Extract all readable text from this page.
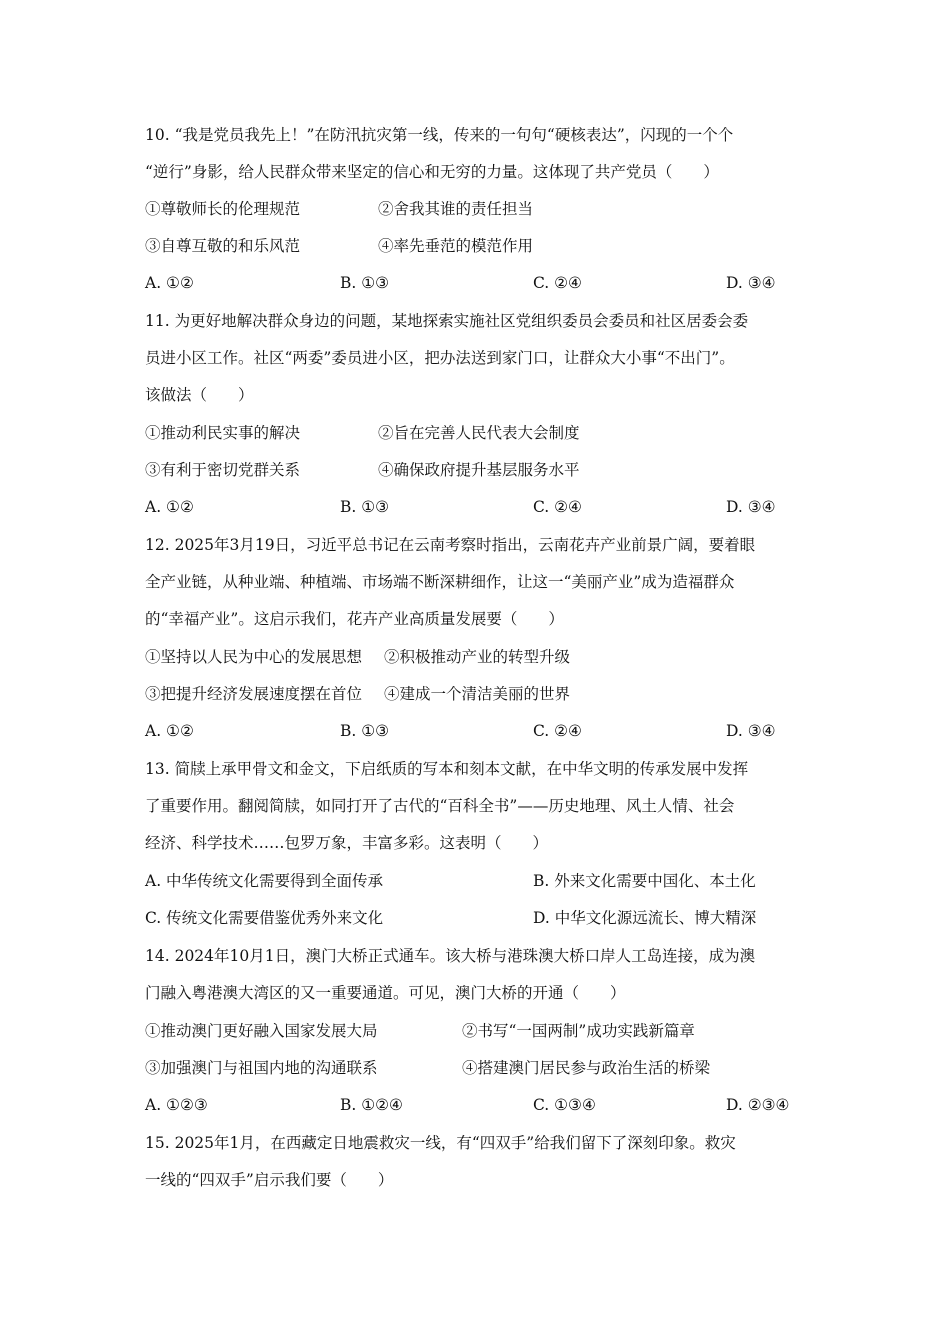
10. “我是党员我先上！”在防汛抗灾第一线，传来的一句句“硬核表达”，闪现的一个个
“逆行”身影，给人民群众带来坚定的信心和无穷的力量。这体现了共产党员（　　）
①尊敬师长的伦理规范	②舍我其谁的责任担当
③自尊互敬的和乐风范	④率先垂范的模范作用
A. ①②	B. ①③	C. ②④	D. ③④
11. 为更好地解决群众身边的问题，某地探索实施社区党组织委员会委员和社区居委会委
员进小区工作。社区“两委”委员进小区，把办法送到家门口，让群众大小事“不出门”。
该做法（　　）
①推动利民实事的解决	②旨在完善人民代表大会制度
③有利于密切党群关系	④确保政府提升基层服务水平
A. ①②	B. ①③	C. ②④	D. ③④
12. 2025年3月19日，习近平总书记在云南考察时指出，云南花卉产业前景广阔，要着眼
全产业链，从种业端、种植端、市场端不断深耕细作，让这一“美丽产业”成为造福群众
的“幸福产业”。这启示我们，花卉产业高质量发展要（　　）
①坚持以人民为中心的发展思想 ②积极推动产业的转型升级
③把提升经济发展速度摆在首位 ④建成一个清洁美丽的世界
A. ①②	B. ①③	C. ②④	D. ③④
13. 简牍上承甲骨文和金文，下启纸质的写本和刻本文献，在中华文明的传承发展中发挥
了重要作用。翻阅简牍，如同打开了古代的“百科全书”——历史地理、风土人情、社会
经济、科学技术……包罗万象，丰富多彩。这表明（　　）
A. 中华传统文化需要得到全面传承	B. 外来文化需要中国化、本土化
C. 传统文化需要借鉴优秀外来文化	D. 中华文化源远流长、博大精深
14. 2024年10月1日，澳门大桥正式通车。该大桥与港珠澳大桥口岸人工岛连接，成为澳
门融入粤港澳大湾区的又一重要通道。可见，澳门大桥的开通（　　）
①推动澳门更好融入国家发展大局	②书写“一国两制”成功实践新篇章
③加强澳门与祖国内地的沟通联系	④搭建澳门居民参与政治生活的桥梁
A. ①②③	B. ①②④	C. ①③④	D. ②③④
15. 2025年1月，在西藏定日地震救灾一线，有“四双手”给我们留下了深刻印象。救灾
一线的“四双手”启示我们要（　　）
